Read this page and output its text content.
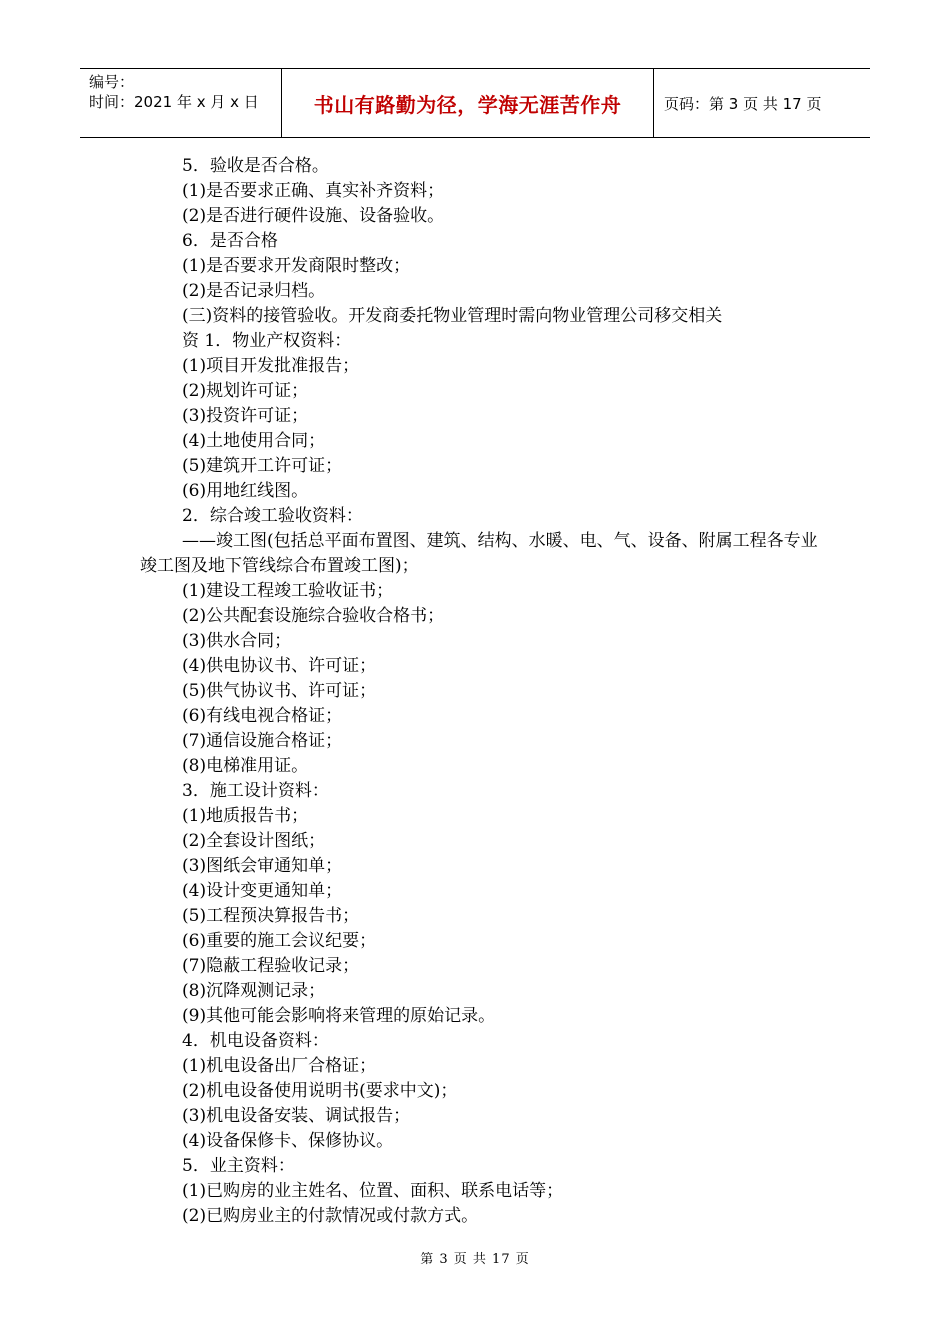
编号：
时间：2021 年 x 月 x 日	书山有路勤为径，学海无涯苦作舟	页码：第 3 页 共 17 页

5．验收是否合格。

(1)是否要求正确、真实补齐资料；

(2)是否进行硬件设施、设备验收。

6．是否合格

(1)是否要求开发商限时整改；

(2)是否记录归档。

(三)资料的接管验收。开发商委托物业管理时需向物业管理公司移交相关

资 1．物业产权资料：

(1)项目开发批准报告；

(2)规划许可证；

(3)投资许可证；

(4)土地使用合同；

(5)建筑开工许可证；

(6)用地红线图。

2．综合竣工验收资料：

——竣工图(包括总平面布置图、建筑、结构、水暖、电、气、设备、附属工程各专业竣工图及地下管线综合布置竣工图)；

(1)建设工程竣工验收证书；

(2)公共配套设施综合验收合格书；

(3)供水合同；

(4)供电协议书、许可证；

(5)供气协议书、许可证；

(6)有线电视合格证；

(7)通信设施合格证；

(8)电梯准用证。

3．施工设计资料：

(1)地质报告书；

(2)全套设计图纸；

(3)图纸会审通知单；

(4)设计变更通知单；

(5)工程预决算报告书；

(6)重要的施工会议纪要；

(7)隐蔽工程验收记录；

(8)沉降观测记录；

(9)其他可能会影响将来管理的原始记录。

4．机电设备资料：

(1)机电设备出厂合格证；

(2)机电设备使用说明书(要求中文)；

(3)机电设备安装、调试报告；

(4)设备保修卡、保修协议。

5．业主资料：

(1)已购房的业主姓名、位置、面积、联系电话等；

(2)已购房业主的付款情况或付款方式。

第 3 页 共 17 页
